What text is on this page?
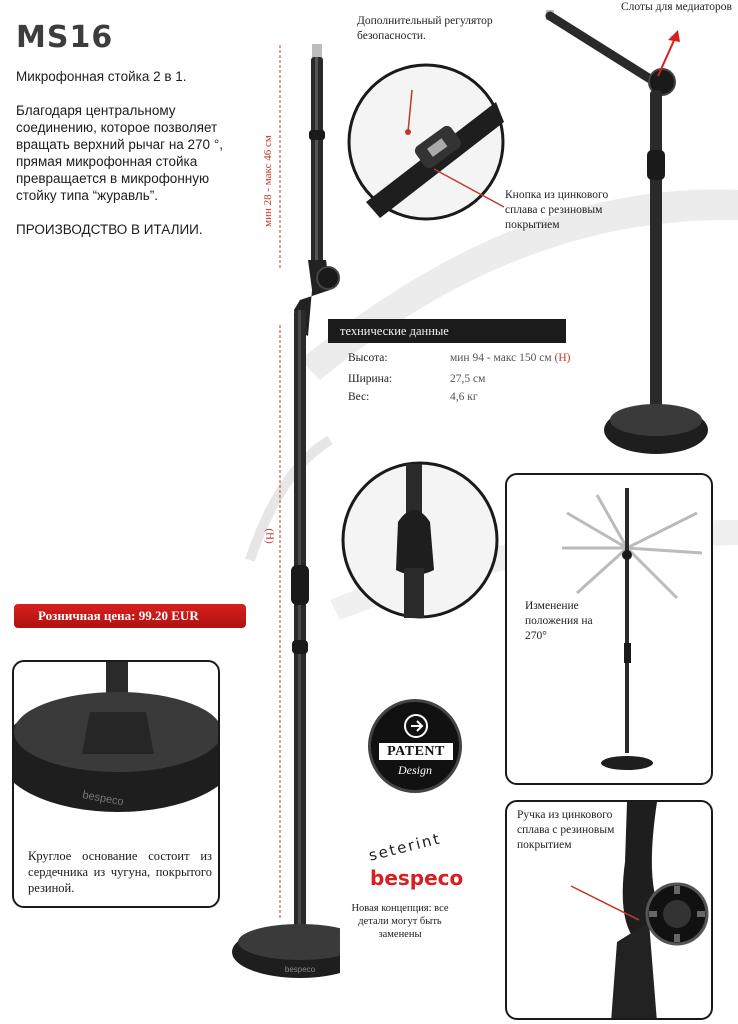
MS16

Микрофонная стойка 2 в 1.

Благодаря центральному соединению, которое позволяет вращать верхний рычаг на 270 °, прямая микрофонная стойка превращается в микрофонную стойку типа “журавль”.

ПРОИЗВОДСТВО В ИТАЛИИ.

bespeco
мин 28 - макс 46 см
(H)
Дополнительный регулятор безопасности.
Кнопка из цинкового сплава с резиновым покрытием
Слоты для медиаторов
технические данные
Высота:	мин 94 - макс 150 см (H)
Ширина:	27,5 см
Вес:	4,6 кг
Изменение положения на 270°
Розничная цена: 99.20 EUR
bespeco
Круглое основание состоит из сердечника из чугуна, покрытого резиной.
PATENT
Design
seterint
bespeco
Новая концепция: все детали могут быть заменены
Ручка из цинкового сплава с резиновым покрытием
